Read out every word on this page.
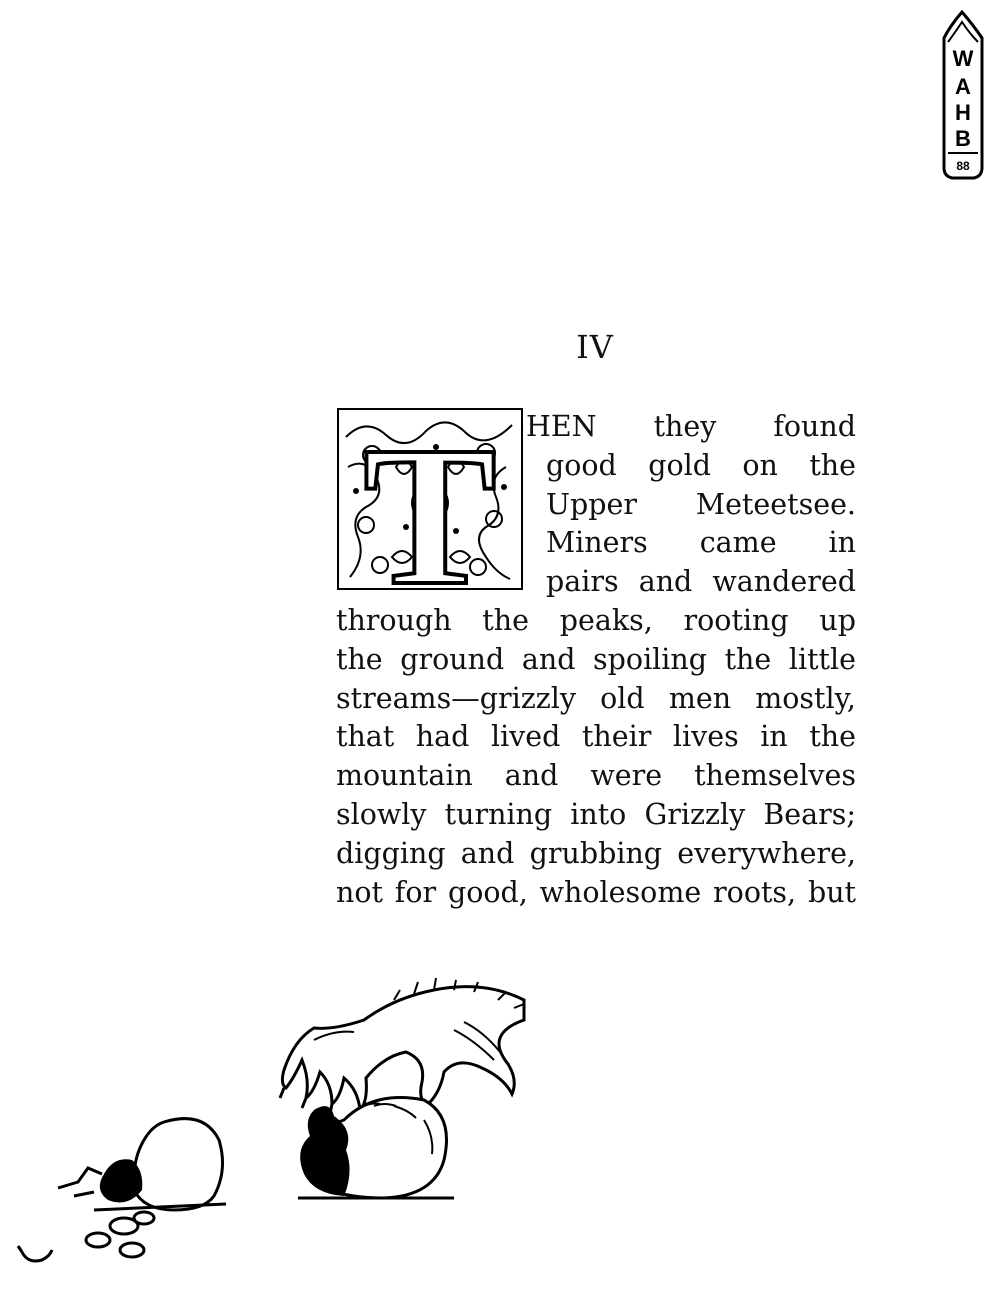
W
A
H
B
88
IV
T HEN they found
good gold on the
Upper Meteetsee.
Miners came in
pairs and wandered
through the peaks, rooting up
the ground and spoiling the little
streams—grizzly old men mostly,
that had lived their lives in the
mountain and were themselves
slowly turning into Grizzly Bears;
digging and grubbing everywhere,
not for good, wholesome roots, but
